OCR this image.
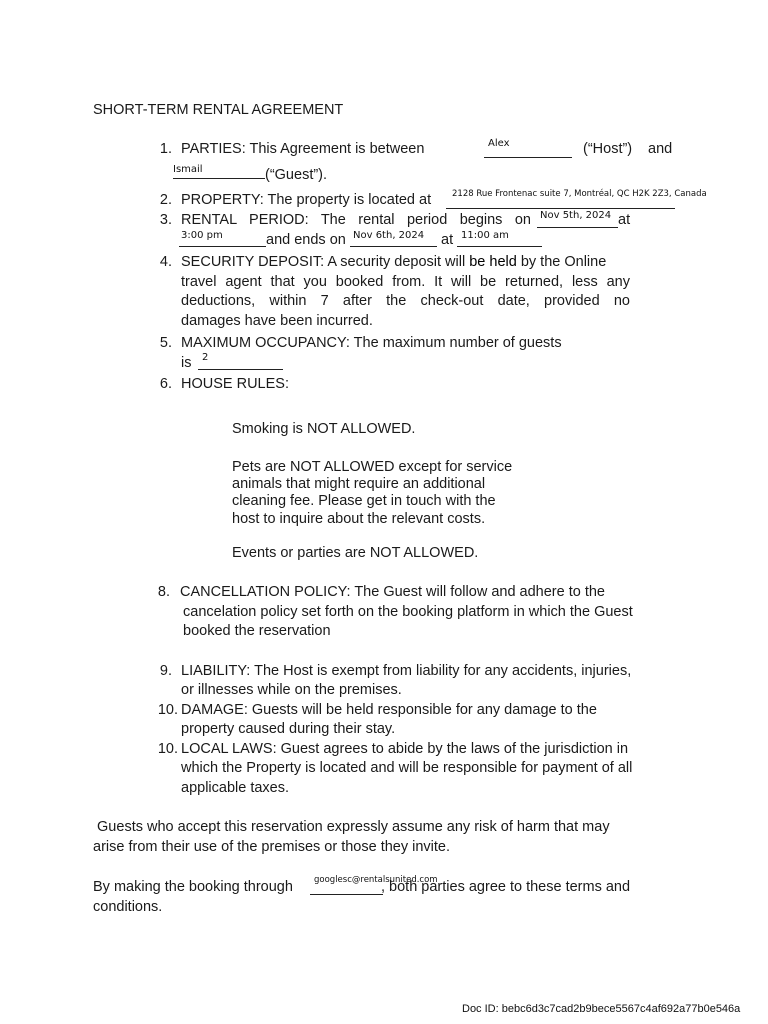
SHORT-TERM RENTAL AGREEMENT
1. PARTIES: This Agreement is between	Alex	(“Host”) and
Ismail	(“Guest”).
2. PROPERTY: The property is located at 2128 Rue Frontenac suite 7, Montréal, QC H2K 2Z3, Canada
3. RENTAL PERIOD: The rental period begins on Nov 5th, 2024 at
3:00 pm	and ends on Nov 6th, 2024 at 11:00 am
4. SECURITY DEPOSIT: A security deposit will be held by the Online
travel agent that you booked from. It will be returned, less any
deductions, within 7 after the check-out date, provided no
damages have been incurred.
5. MAXIMUM OCCUPANCY: The maximum number of guests
is 2
6. HOUSE RULES:
Smoking is NOT ALLOWED.
Pets are NOT ALLOWED except for service
animals that might require an additional
cleaning fee. Please get in touch with the
host to inquire about the relevant costs.
Events or parties are NOT ALLOWED.
8. CANCELLATION POLICY: The Guest will follow and adhere to the
cancelation policy set forth on the booking platform in which the Guest
booked the reservation
9. LIABILITY: The Host is exempt from liability for any accidents, injuries,
or illnesses while on the premises.
10. DAMAGE: Guests will be held responsible for any damage to the
property caused during their stay.
10. LOCAL LAWS: Guest agrees to abide by the laws of the jurisdiction in
which the Property is located and will be responsible for payment of all
applicable taxes.
Guests who accept this reservation expressly assume any risk of harm that may
arise from their use of the premises or those they invite.
By making the booking through googlesc@rentalsunited.com
, both parties agree to these terms and
conditions.
Doc ID: bebc6d3c7cad2b9bece5567c4af692a77b0e546a
